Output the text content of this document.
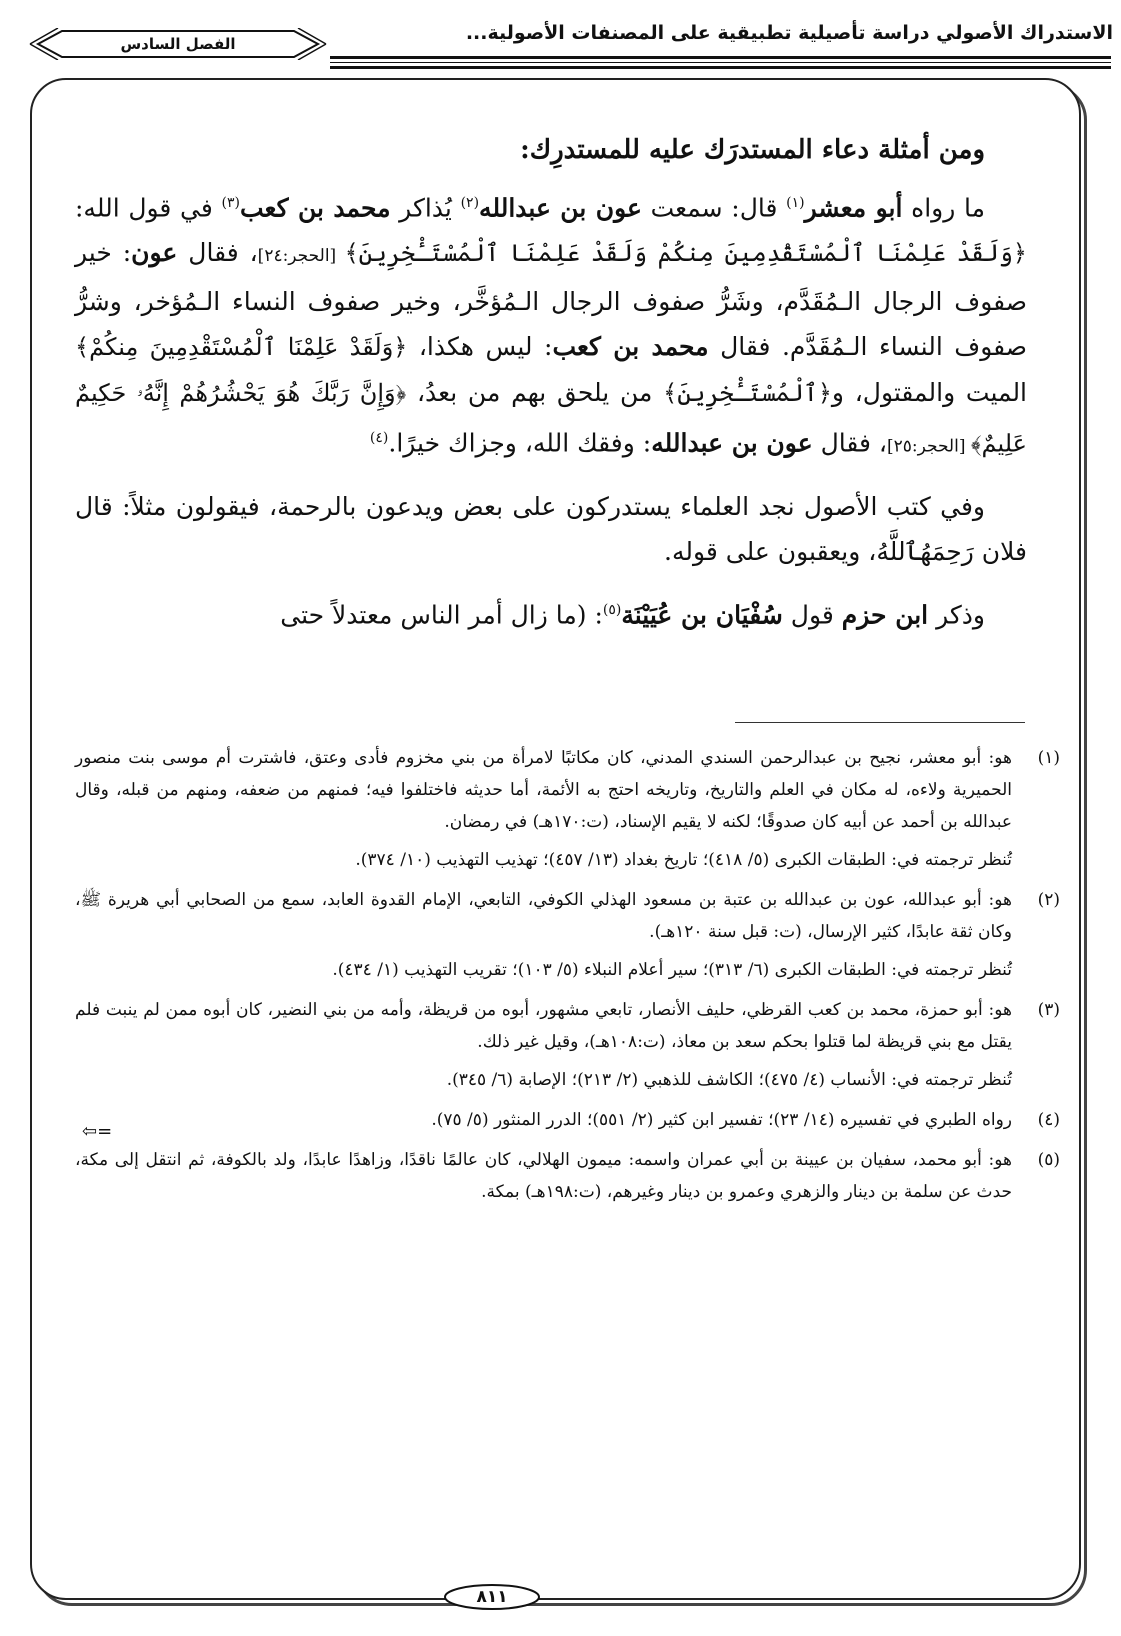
الاستدراك الأصولي دراسة تأصيلية تطبيقية على المصنفات الأصولية...
الفصل السادس

ومن أمثلة دعاء المستدرَك عليه للمستدرِك:

ما رواه أبو معشر$^{(١)}$ قال: سمعت عون بن عبدالله$^{(٢)}$ يُذاكر محمد بن كعب$^{(٣)}$ في قول الله: ﴿وَلَقَدْ عَلِمْنَا ٱلْمُسْتَقْدِمِينَ مِنكُمْ وَلَقَدْ عَلِمْنَا ٱلْمُسْتَـْٔخِرِينَ﴾ [الحجر:٢٤]، فقال عون: خير صفوف الرجال الـمُقَدَّم، وشَرُّ صفوف الرجال الـمُؤخَّر، وخير صفوف النساء الـمُؤخر، وشرُّ صفوف النساء الـمُقَدَّم. فقال محمد بن كعب: ليس هكذا، ﴿وَلَقَدْ عَلِمْنَا ٱلْمُسْتَقْدِمِينَ مِنكُمْ﴾ الميت والمقتول، و﴿ٱلْمُسْتَـْٔخِرِينَ﴾ من يلحق بهم من بعدُ، ﴿وَإِنَّ رَبَّكَ هُوَ يَحْشُرُهُمْ إِنَّهُۥ حَكِيمٌ عَلِيمٌ﴾ [الحجر:٢٥]، فقال عون بن عبدالله: وفقك الله، وجزاك خيرًا.$^{(٤)}$

وفي كتب الأصول نجد العلماء يستدركون على بعض ويدعون بالرحمة، فيقولون مثلاً: قال فلان رَحِمَهُٱللَّهُ، ويعقبون على قوله.

وذكر ابن حزم قول سُفْيَان بن عُيَيْنَة$^{(٥)}$: (ما زال أمر الناس معتدلاً حتى

(١)

هو: أبو معشر، نجيح بن عبدالرحمن السندي المدني، كان مكاتبًا لامرأة من بني مخزوم فأدى وعتق، فاشترت أم موسى بنت منصور الحميرية ولاءه، له مكان في العلم والتاريخ، وتاريخه احتج به الأئمة، أما حديثه فاختلفوا فيه؛ فمنهم من ضعفه، ومنهم من قبله، وقال عبدالله بن أحمد عن أبيه كان صدوقًا؛ لكنه لا يقيم الإسناد، (ت:١٧٠هـ) في رمضان.

تُنظر ترجمته في: الطبقات الكبرى (٥/ ٤١٨)؛ تاريخ بغداد (١٣/ ٤٥٧)؛ تهذيب التهذيب (١٠/ ٣٧٤).

(٢)

هو: أبو عبدالله، عون بن عبدالله بن عتبة بن مسعود الهذلي الكوفي، التابعي، الإمام القدوة العابد، سمع من الصحابي أبي هريرة ﷺ، وكان ثقة عابدًا، كثير الإرسال، (ت: قبل سنة ١٢٠هـ).

تُنظر ترجمته في: الطبقات الكبرى (٦/ ٣١٣)؛ سير أعلام النبلاء (٥/ ١٠٣)؛ تقريب التهذيب (١/ ٤٣٤).

(٣)

هو: أبو حمزة، محمد بن كعب القرظي، حليف الأنصار، تابعي مشهور، أبوه من قريظة، وأمه من بني النضير، كان أبوه ممن لم ينبت فلم يقتل مع بني قريظة لما قتلوا بحكم سعد بن معاذ، (ت:١٠٨هـ)، وقيل غير ذلك.

تُنظر ترجمته في: الأنساب (٤/ ٤٧٥)؛ الكاشف للذهبي (٢/ ٢١٣)؛ الإصابة (٦/ ٣٤٥).

(٤)

رواه الطبري في تفسيره (١٤/ ٢٣)؛ تفسير ابن كثير (٢/ ٥٥١)؛ الدرر المنثور (٥/ ٧٥).

(٥)

هو: أبو محمد، سفيان بن عيينة بن أبي عمران واسمه: ميمون الهلالي، كان عالمًا ناقدًا، وزاهدًا عابدًا، ولد بالكوفة، ثم انتقل إلى مكة، حدث عن سلمة بن دينار والزهري وعمرو بن دينار وغيرهم، (ت:١٩٨هـ) بمكة.

⇦=
٨١١
